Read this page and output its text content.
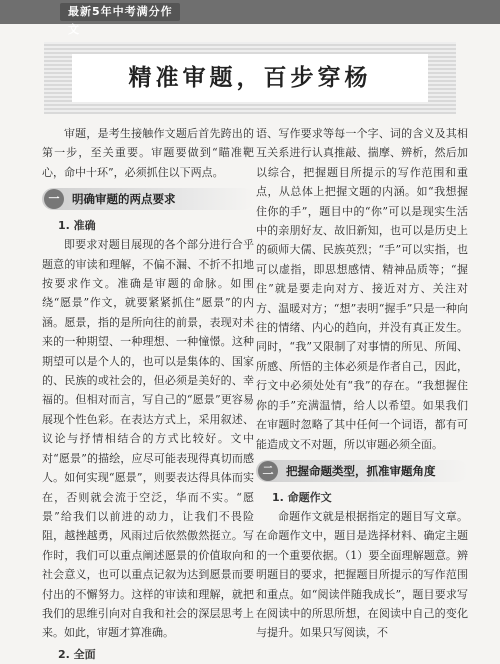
最新5年中考满分作文
精准审题，百步穿杨

审题，是考生接触作文题后首先跨出的第一步，至关重要。审题要做到“瞄准靶心，命中十环”，必须抓住以下两点。

一	明确审题的两点要求
1. 准确

即要求对题目展现的各个部分进行合乎题意的审读和理解，不偏不漏、不折不扣地按要求作文。准确是审题的命脉。如围绕“愿景”作文，就要紧紧抓住“愿景”的内涵。愿景，指的是所向往的前景，表现对未来的一种期望、一种理想、一种憧憬。这种期望可以是个人的，也可以是集体的、国家的、民族的或社会的，但必须是美好的、幸福的。但相对而言，写自己的“愿景”更容易展现个性色彩。在表达方式上，采用叙述、议论与抒情相结合的方式比较好。文中对“愿景”的描绘，应尽可能表现得真切而感人。如何实现“愿景”，则要表达得具体而实在，否则就会流于空泛，华而不实。“愿景”给我们以前进的动力，让我们不畏险阻，越挫越勇，风雨过后依然傲然挺立。写作时，我们可以重点阐述愿景的价值取向和社会意义，也可以重点记叙为达到愿景而要付出的不懈努力。这样的审读和理解，就把我们的思维引向对自我和社会的深层思考上来。如此，审题才算准确。

2. 全面

语、写作要求等每一个字、词的含义及其相互关系进行认真推敲、揣摩、辨析，然后加以综合，把握题目所提示的写作范围和重点，从总体上把握文题的内涵。如“我想握住你的手”，题目中的“你”可以是现实生活中的亲朋好友、故旧新知，也可以是历史上的硕师大儒、民族英烈；“手”可以实指，也可以虚指，即思想感情、精神品质等；“握住”就是要走向对方、接近对方、关注对方、温暖对方；“想”表明“握手”只是一种向往的情绪、内心的趋向，并没有真正发生。同时，“我”又限制了对事情的所见、所闻、所感、所悟的主体必须是作者自己，因此，行文中必须处处有“我”的存在。“我想握住你的手”充满温情，给人以希望。如果我们在审题时忽略了其中任何一个词语，都有可能造成文不对题，所以审题必须全面。

二	把握命题类型，抓准审题角度
1. 命题作文

命题作文就是根据指定的题目写文章。在命题作文中，题目是选择材料、确定主题的一个重要依据。（1）要全面理解题意。辨明题目的要求，把握题目所提示的写作范围和重点。如“阅读伴随我成长”，题目要求写在阅读中的所思所想，在阅读中自己的变化与提升。如果只写阅读，不
